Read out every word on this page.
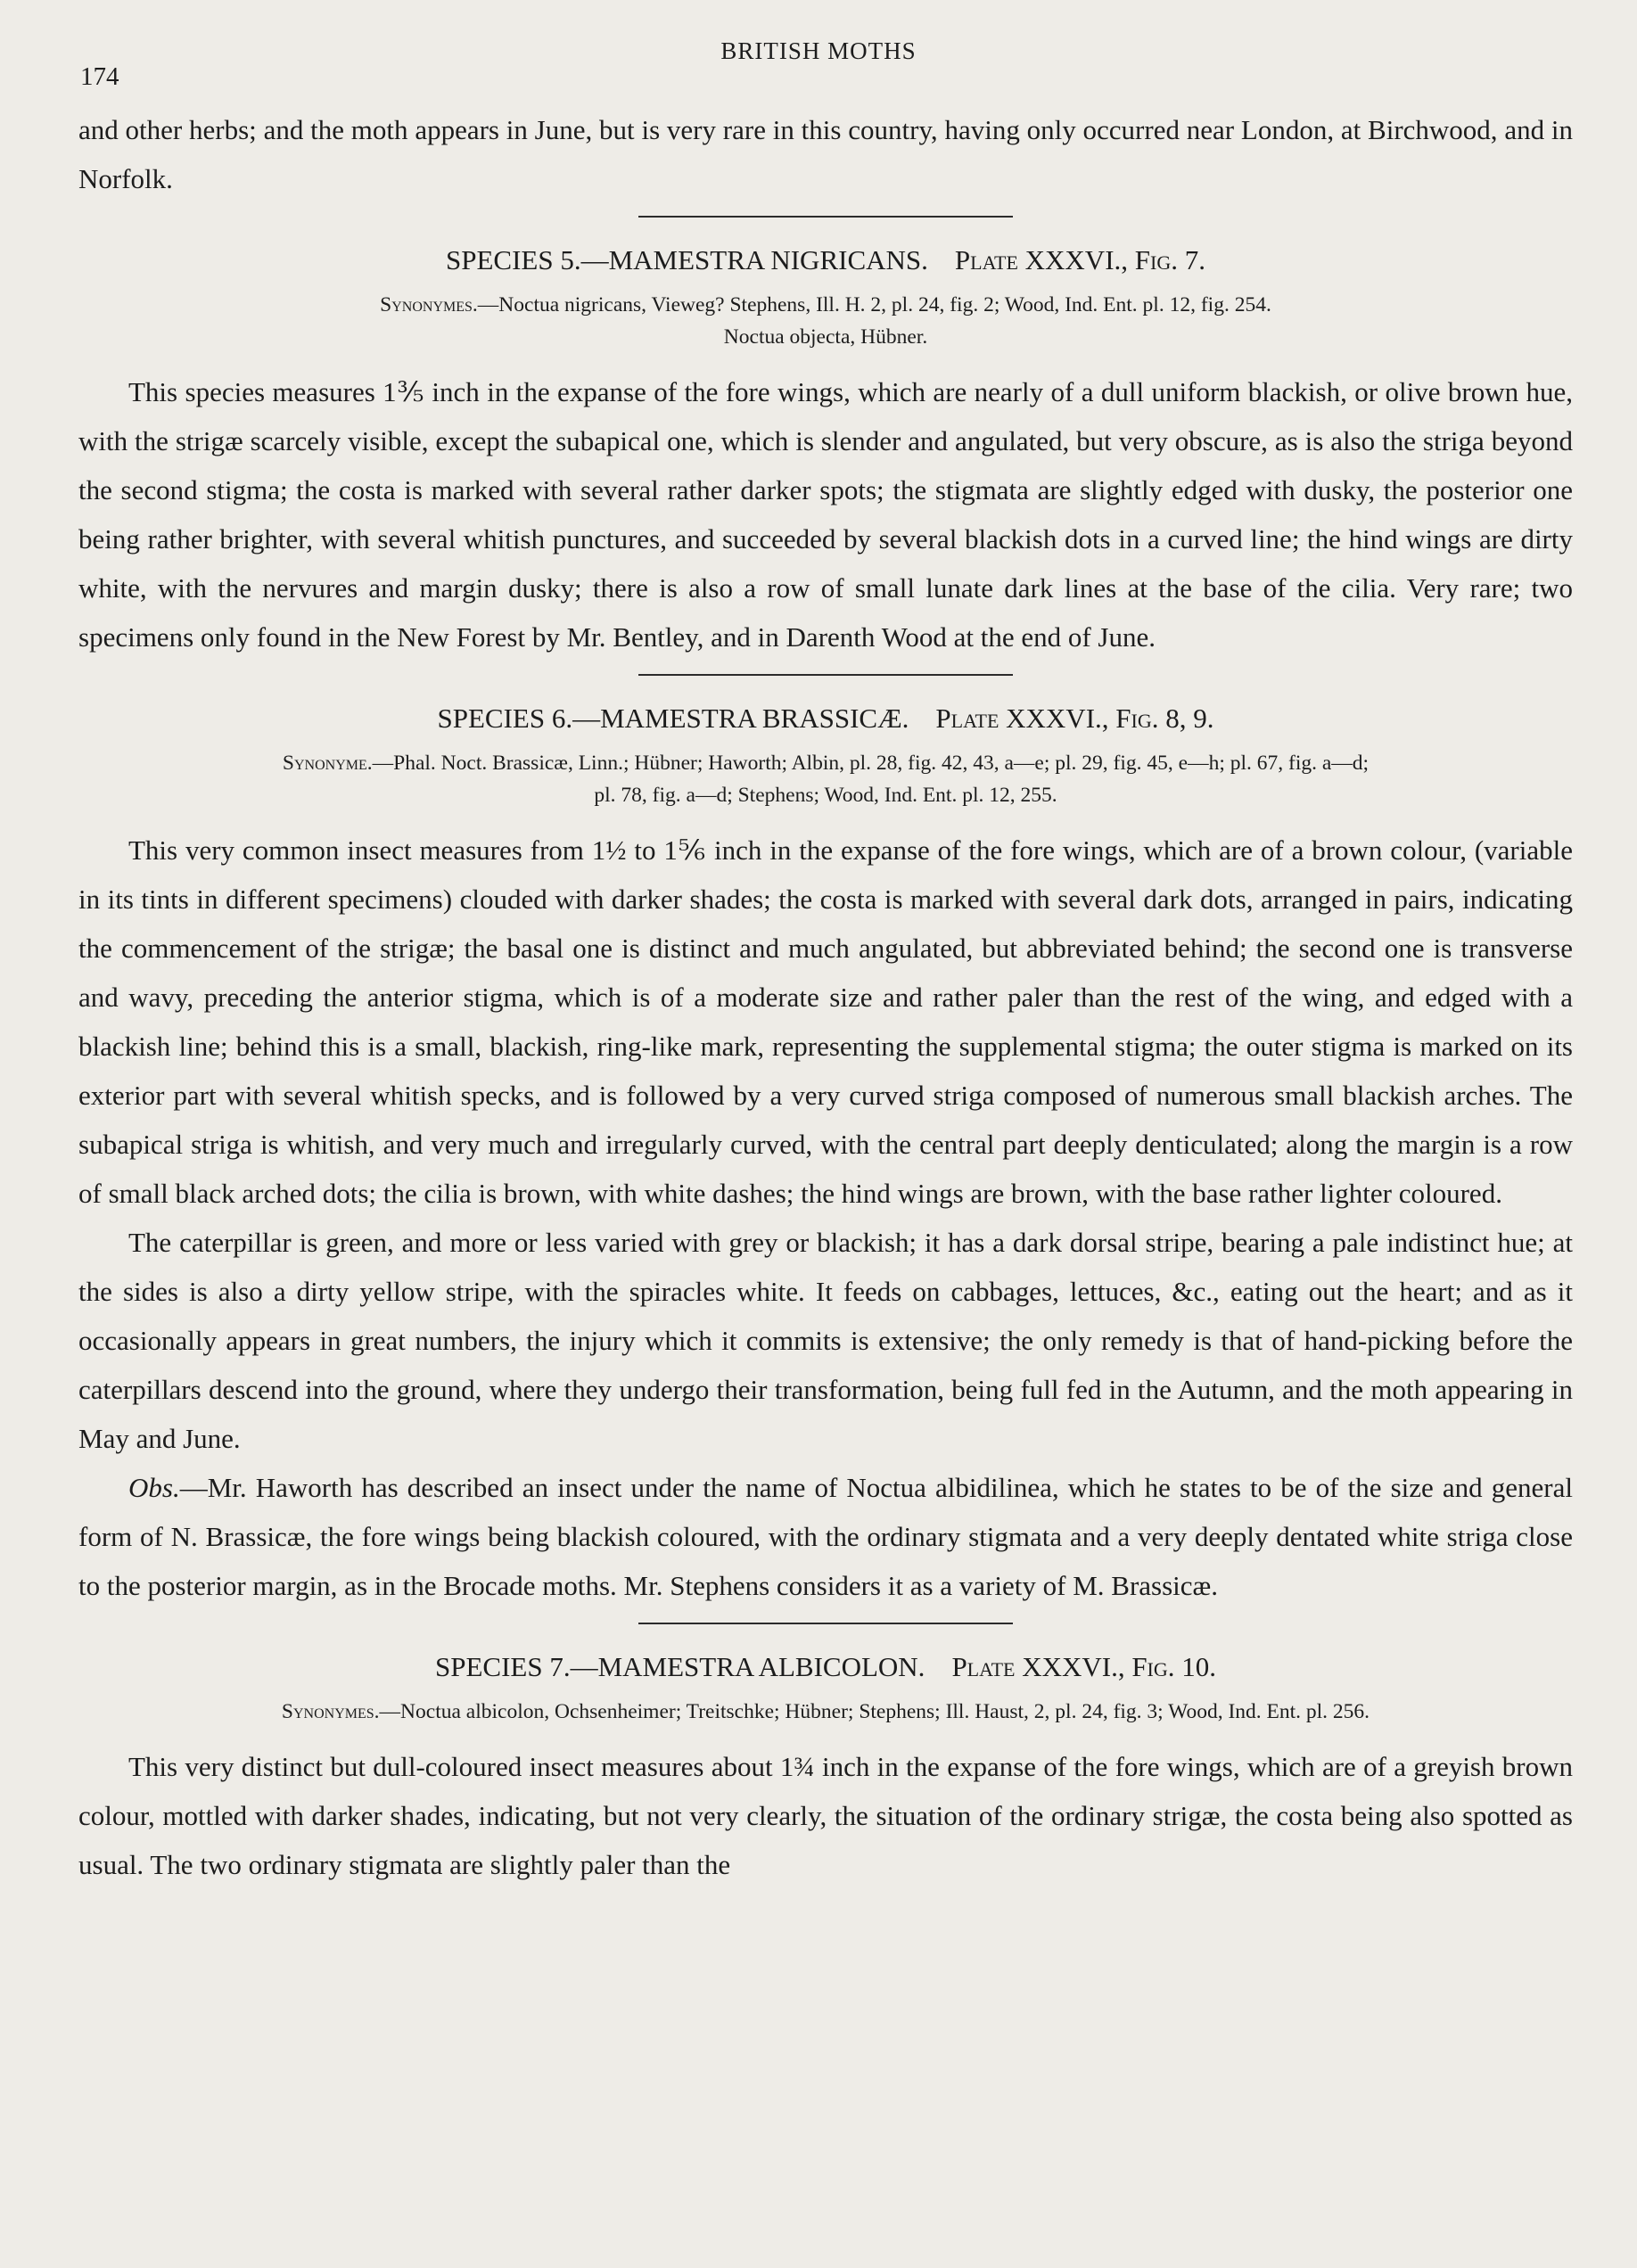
174
BRITISH MOTHS

and other herbs; and the moth appears in June, but is very rare in this country, having only occurred near London, at Birchwood, and in Norfolk.

SPECIES 5.—MAMESTRA NIGRICANS. Plate XXXVI., Fig. 7.
Synonymes.—Noctua nigricans, Vieweg? Stephens, Ill. H. 2, pl. 24, fig. 2; Wood, Ind. Ent. pl. 12, fig. 254.
Noctua objecta, Hübner.

This species measures 1⅗ inch in the expanse of the fore wings, which are nearly of a dull uniform blackish, or olive brown hue, with the strigæ scarcely visible, except the subapical one, which is slender and angulated, but very obscure, as is also the striga beyond the second stigma; the costa is marked with several rather darker spots; the stigmata are slightly edged with dusky, the posterior one being rather brighter, with several whitish punctures, and succeeded by several blackish dots in a curved line; the hind wings are dirty white, with the nervures and margin dusky; there is also a row of small lunate dark lines at the base of the cilia. Very rare; two specimens only found in the New Forest by Mr. Bentley, and in Darenth Wood at the end of June.

SPECIES 6.—MAMESTRA BRASSICÆ. Plate XXXVI., Fig. 8, 9.
Synonyme.—Phal. Noct. Brassicæ, Linn.; Hübner; Haworth; Albin, pl. 28, fig. 42, 43, a—e; pl. 29, fig. 45, e—h; pl. 67, fig. a—d;
pl. 78, fig. a—d; Stephens; Wood, Ind. Ent. pl. 12, 255.

This very common insect measures from 1½ to 1⅚ inch in the expanse of the fore wings, which are of a brown colour, (variable in its tints in different specimens) clouded with darker shades; the costa is marked with several dark dots, arranged in pairs, indicating the commencement of the strigæ; the basal one is distinct and much angulated, but abbreviated behind; the second one is transverse and wavy, preceding the anterior stigma, which is of a moderate size and rather paler than the rest of the wing, and edged with a blackish line; behind this is a small, blackish, ring-like mark, representing the supplemental stigma; the outer stigma is marked on its exterior part with several whitish specks, and is followed by a very curved striga composed of numerous small blackish arches. The subapical striga is whitish, and very much and irregularly curved, with the central part deeply denticulated; along the margin is a row of small black arched dots; the cilia is brown, with white dashes; the hind wings are brown, with the base rather lighter coloured.

The caterpillar is green, and more or less varied with grey or blackish; it has a dark dorsal stripe, bearing a pale indistinct hue; at the sides is also a dirty yellow stripe, with the spiracles white. It feeds on cabbages, lettuces, &c., eating out the heart; and as it occasionally appears in great numbers, the injury which it commits is extensive; the only remedy is that of hand-picking before the caterpillars descend into the ground, where they undergo their transformation, being full fed in the Autumn, and the moth appearing in May and June.

Obs.—Mr. Haworth has described an insect under the name of Noctua albidilinea, which he states to be of the size and general form of N. Brassicæ, the fore wings being blackish coloured, with the ordinary stigmata and a very deeply dentated white striga close to the posterior margin, as in the Brocade moths. Mr. Stephens considers it as a variety of M. Brassicæ.

SPECIES 7.—MAMESTRA ALBICOLON. Plate XXXVI., Fig. 10.
Synonymes.—Noctua albicolon, Ochsenheimer; Treitschke; Hübner; Stephens; Ill. Haust, 2, pl. 24, fig. 3; Wood, Ind. Ent. pl. 256.

This very distinct but dull-coloured insect measures about 1¾ inch in the expanse of the fore wings, which are of a greyish brown colour, mottled with darker shades, indicating, but not very clearly, the situation of the ordinary strigæ, the costa being also spotted as usual. The two ordinary stigmata are slightly paler than the
